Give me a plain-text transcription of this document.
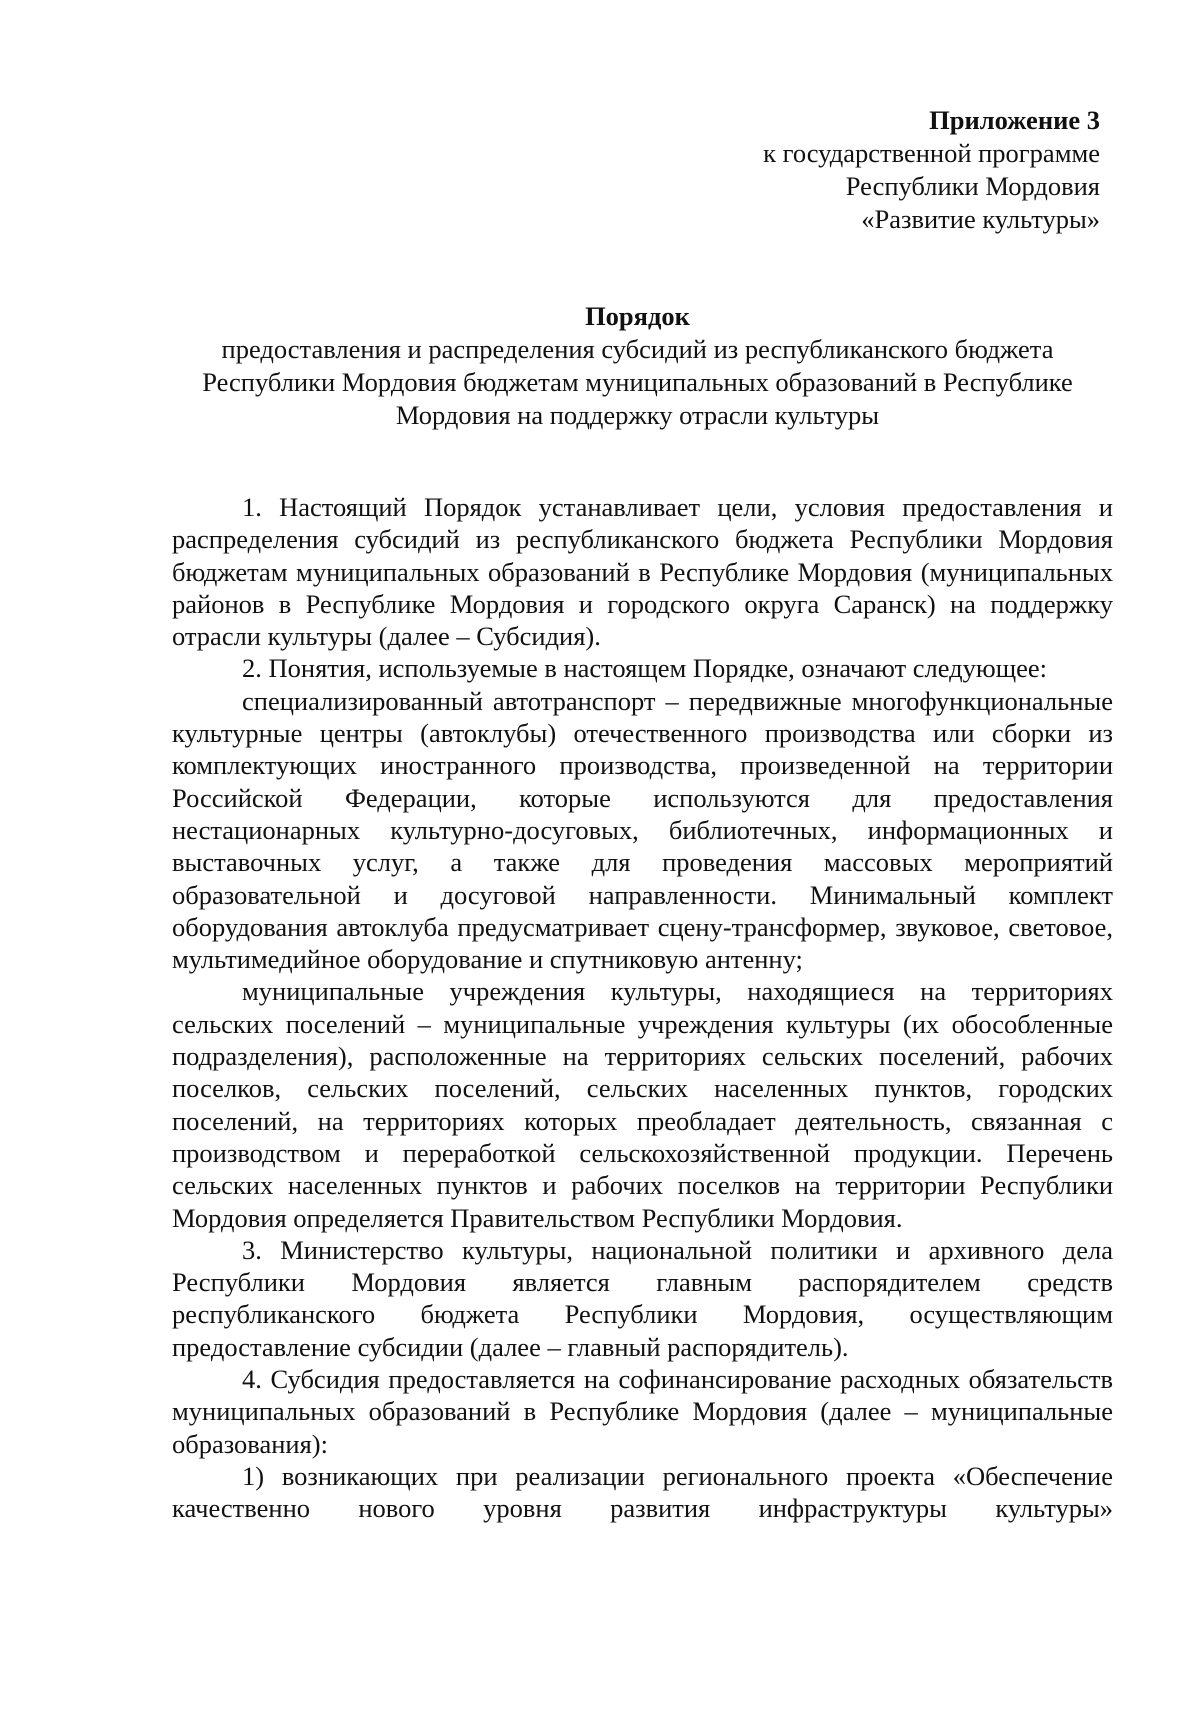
Приложение 3
к государственной программе
Республики Мордовия
«Развитие культуры»
Порядок
предоставления и распределения субсидий из республиканского бюджета Республики Мордовия бюджетам муниципальных образований в Республике Мордовия на поддержку отрасли культуры

1. Настоящий Порядок устанавливает цели, условия предоставления и распределения субсидий из республиканского бюджета Республики Мордовия бюджетам муниципальных образований в Республике Мордовия (муниципальных районов в Республике Мордовия и городского округа Саранск) на поддержку отрасли культуры (далее – Субсидия).

2. Понятия, используемые в настоящем Порядке, означают следующее:

специализированный автотранспорт – передвижные многофункциональные культурные центры (автоклубы) отечественного производства или сборки из комплектующих иностранного производства, произведенной на территории Российской Федерации, которые используются для предоставления нестационарных культурно-досуговых, библиотечных, информационных и выставочных услуг, а также для проведения массовых мероприятий образовательной и досуговой направленности. Минимальный комплект оборудования автоклуба предусматривает сцену-трансформер, звуковое, световое, мультимедийное оборудование и спутниковую антенну;

муниципальные учреждения культуры, находящиеся на территориях сельских поселений – муниципальные учреждения культуры (их обособленные подразделения), расположенные на территориях сельских поселений, рабочих поселков, сельских поселений, сельских населенных пунктов, городских поселений, на территориях которых преобладает деятельность, связанная с производством и переработкой сельскохозяйственной продукции. Перечень сельских населенных пунктов и рабочих поселков на территории Республики Мордовия определяется Правительством Республики Мордовия.

3. Министерство культуры, национальной политики и архивного дела Республики Мордовия является главным распорядителем средств республиканского бюджета Республики Мордовия, осуществляющим предоставление субсидии (далее – главный распорядитель).

4. Субсидия предоставляется на софинансирование расходных обязательств муниципальных образований в Республике Мордовия (далее – муниципальные образования):

1) возникающих при реализации регионального проекта «Обеспечение качественно нового уровня развития инфраструктуры культуры»
